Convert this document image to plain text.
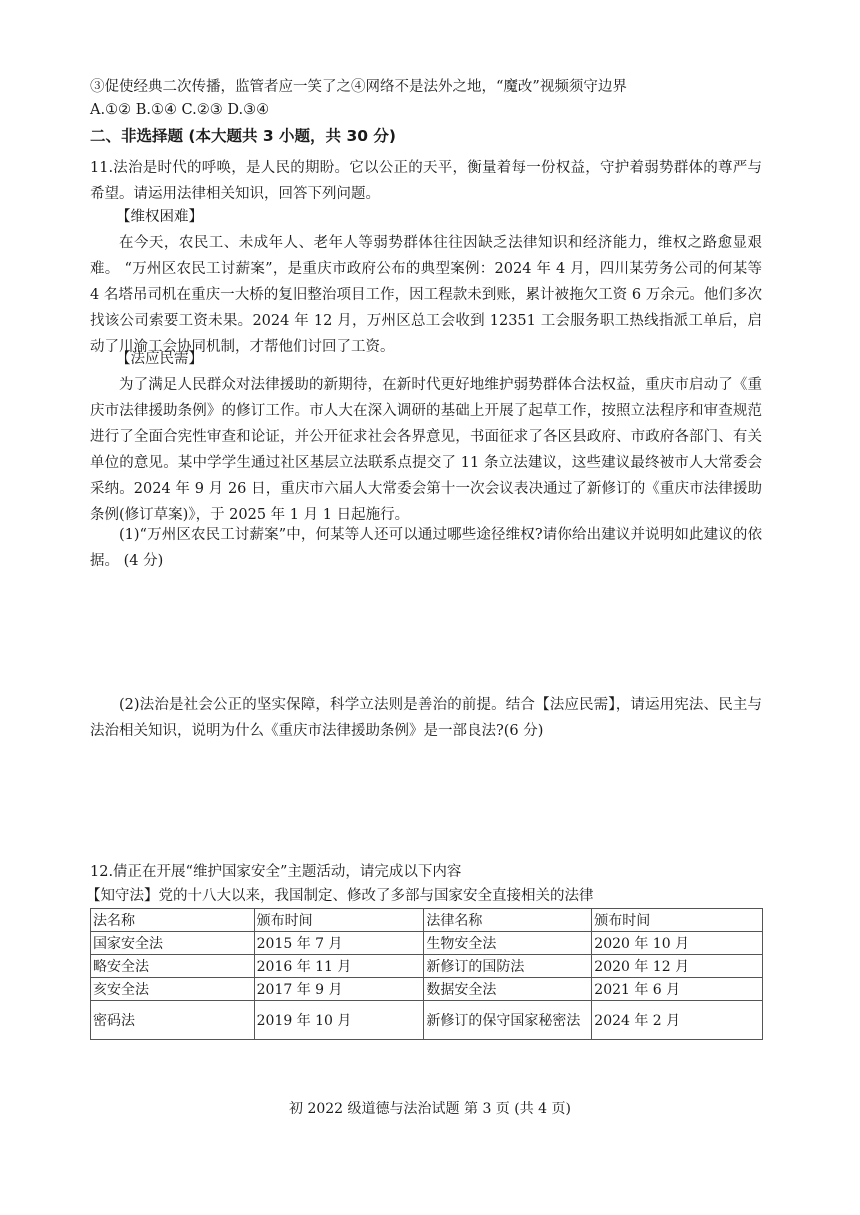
③促使经典二次传播，监管者应一笑了之④网络不是法外之地，“魔改”视频须守边界
A.①② B.①④ C.②③ D.③④
二、非选择题 (本大题共 3 小题，共 30 分)
11.法治是时代的呼唤，是人民的期盼。它以公正的天平，衡量着每一份权益，守护着弱势群体的尊严与希望。请运用法律相关知识，回答下列问题。
【维权困难】
在今天，农民工、未成年人、老年人等弱势群体往往因缺乏法律知识和经济能力，维权之路愈显艰难。 “万州区农民工讨薪案”，是重庆市政府公布的典型案例：2024 年 4 月，四川某劳务公司的何某等 4 名塔吊司机在重庆一大桥的复旧整治项目工作，因工程款未到账，累计被拖欠工资 6 万余元。他们多次找该公司索要工资未果。2024 年 12 月，万州区总工会收到 12351 工会服务职工热线指派工单后，启动了川渝工会协同机制，才帮他们讨回了工资。
【法应民需】
为了满足人民群众对法律援助的新期待，在新时代更好地维护弱势群体合法权益，重庆市启动了《重庆市法律援助条例》的修订工作。市人大在深入调研的基础上开展了起草工作，按照立法程序和审查规范进行了全面合宪性审查和论证，并公开征求社会各界意见，书面征求了各区县政府、市政府各部门、有关单位的意见。某中学学生通过社区基层立法联系点提交了 11 条立法建议，这些建议最终被市人大常委会采纳。2024 年 9 月 26 日，重庆市六届人大常委会第十一次会议表决通过了新修订的《重庆市法律援助条例(修订草案)》，于 2025 年 1 月 1 日起施行。
(1)“万州区农民工讨薪案”中，何某等人还可以通过哪些途径维权?请你给出建议并说明如此建议的依据。 (4 分)
(2)法治是社会公正的坚实保障，科学立法则是善治的前提。结合【法应民需】，请运用宪法、民主与法治相关知识，说明为什么《重庆市法律援助条例》是一部良法?(6 分)
12.倩正在开展“维护国家安全”主题活动，请完成以下内容
【知守法】党的十八大以来，我国制定、修改了多部与国家安全直接相关的法律
法名称	颁布时间	法律名称	颁布时间
国家安全法	2015 年 7 月	生物安全法	2020 年 10 月
略安全法	2016 年 11 月	新修订的国防法	2020 年 12 月
亥安全法	2017 年 9 月	数据安全法	2021 年 6 月
密码法	2019 年 10 月	新修订的保守国家秘密法	2024 年 2 月
初 2022 级道德与法治试题 第 3 页 (共 4 页)
